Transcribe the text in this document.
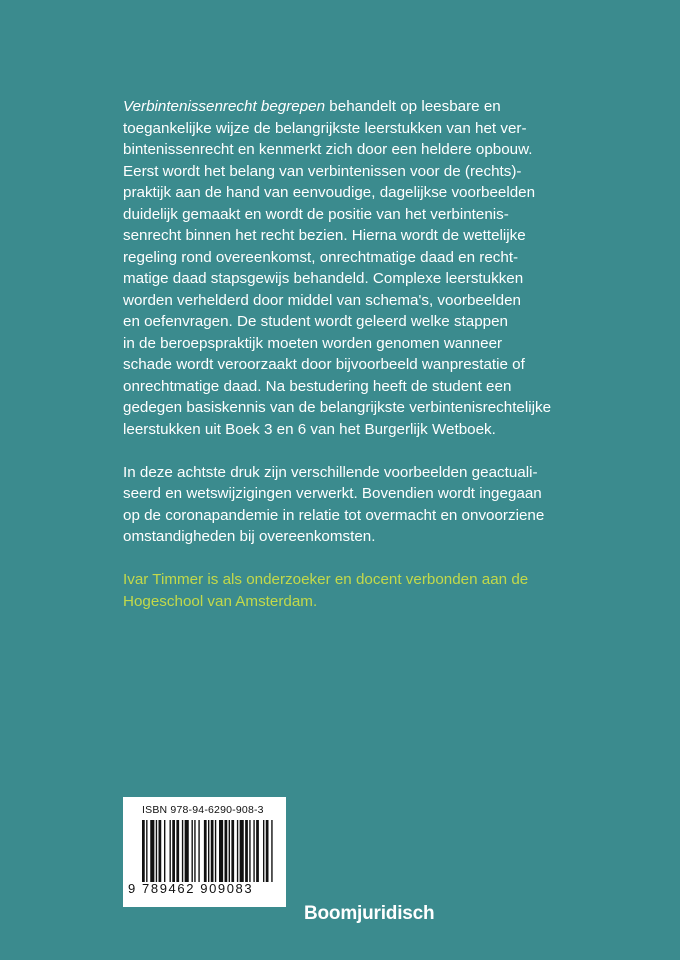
Verbintenissenrecht begrepen behandelt op leesbare en
toegankelijke wijze de belangrijkste leerstukken van het ver-
bintenissenrecht en kenmerkt zich door een heldere opbouw.
Eerst wordt het belang van verbintenissen voor de (rechts)-
praktijk aan de hand van eenvoudige, dagelijkse voorbeelden
duidelijk gemaakt en wordt de positie van het verbintenis-
senrecht binnen het recht bezien. Hierna wordt de wettelijke
regeling rond overeenkomst, onrechtmatige daad en recht-
matige daad stapsgewijs behandeld. Complexe leerstukken
worden verhelderd door middel van schema's, voorbeelden
en oefenvragen. De student wordt geleerd welke stappen
in de beroepspraktijk moeten worden genomen wanneer
schade wordt veroorzaakt door bijvoorbeeld wanprestatie of
onrechtmatige daad. Na bestudering heeft de student een
gedegen basiskennis van de belangrijkste verbintenisrechtelijke
leerstukken uit Boek 3 en 6 van het Burgerlijk Wetboek.

In deze achtste druk zijn verschillende voorbeelden geactuali-
seerd en wetswijzigingen verwerkt. Bovendien wordt ingegaan
op de coronapandemie in relatie tot overmacht en onvoorziene
omstandigheden bij overeenkomsten.

Ivar Timmer is als onderzoeker en docent verbonden aan de
Hogeschool van Amsterdam.

ISBN 978-94-6290-908-3
9 789462 909083
Boomjuridisch
